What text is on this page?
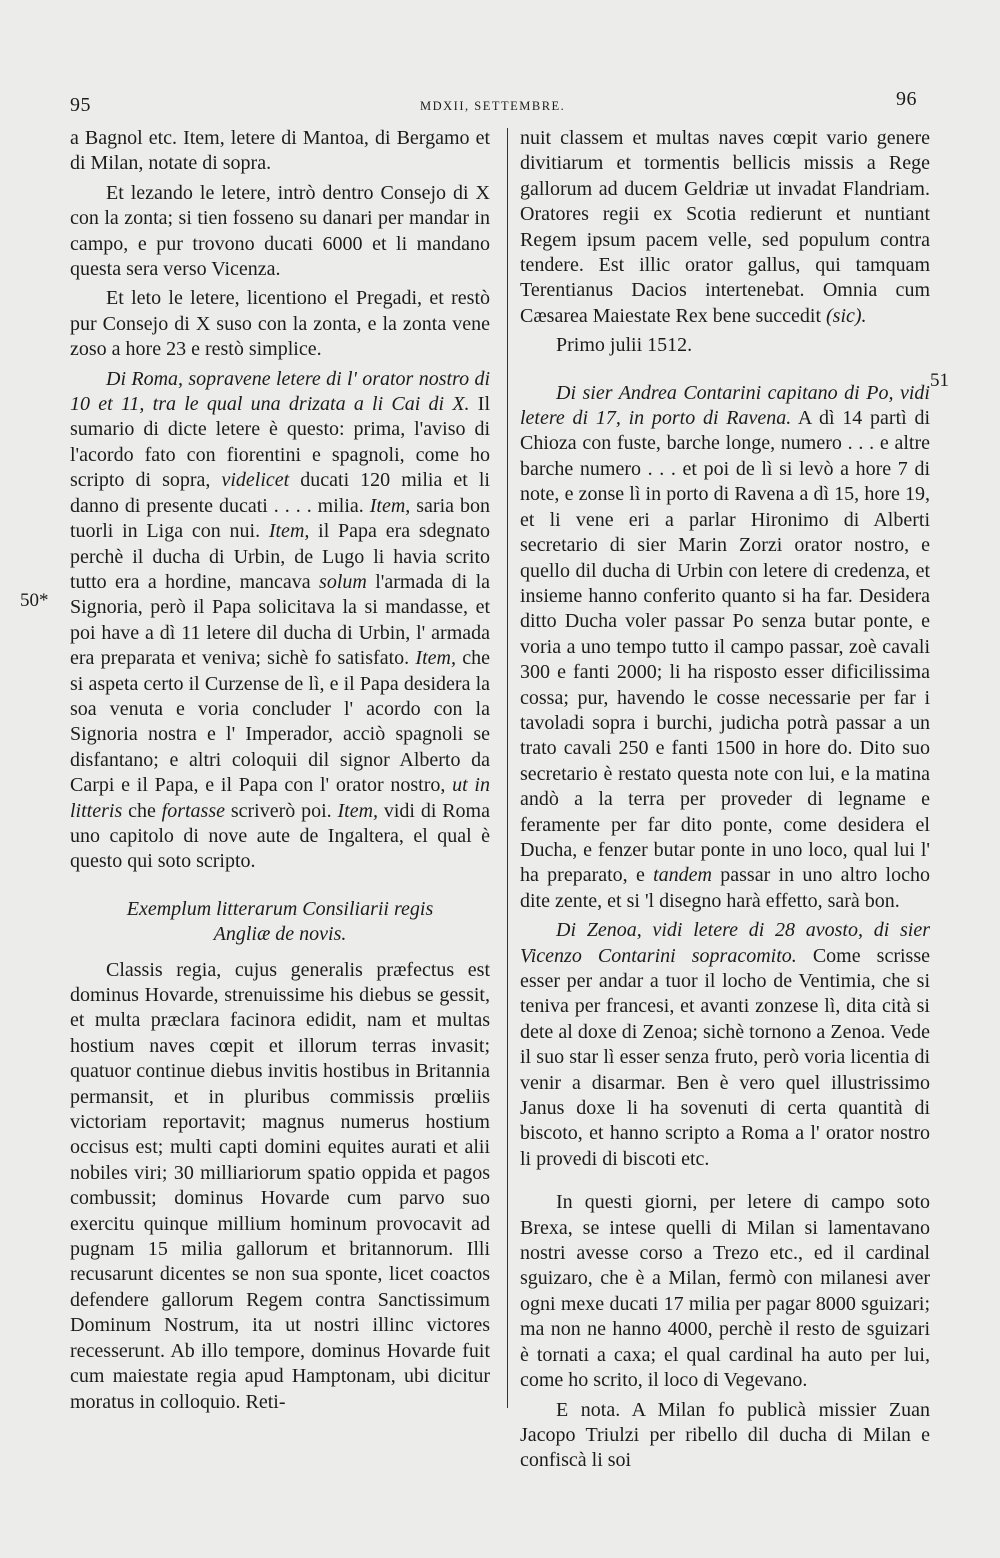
95	MDXII, SETTEMBRE.	96
50*
51

a Bagnol etc. Item, letere di Mantoa, di Bergamo et di Milan, notate di sopra.

Et lezando le letere, intrò dentro Consejo di X con la zonta; si tien fosseno su danari per mandar in campo, e pur trovono ducati 6000 et li mandano questa sera verso Vicenza.

Et leto le letere, licentiono el Pregadi, et restò pur Consejo di X suso con la zonta, e la zonta vene zoso a hore 23 e restò simplice.

Di Roma, sopravene letere di l' orator nostro di 10 et 11, tra le qual una drizata a li Cai di X. Il sumario di dicte letere è questo: prima, l'aviso di l'acordo fato con fiorentini e spagnoli, come ho scripto di sopra, videlicet ducati 120 milia et li danno di presente ducati . . . . milia. Item, saria bon tuorli in Liga con nui. Item, il Papa era sdegnato perchè il ducha di Urbin, de Lugo li havia scrito tutto era a hordine, mancava solum l'armada di la Signoria, però il Papa solicitava la si mandasse, et poi have a dì 11 letere dil ducha di Urbin, l' armada era preparata et veniva; sichè fo satisfato. Item, che si aspeta certo il Curzense de lì, e il Papa desidera la soa venuta e voria concluder l' acordo con la Signoria nostra e l' Imperador, acciò spagnoli se disfantano; e altri coloquii dil signor Alberto da Carpi e il Papa, e il Papa con l' orator nostro, ut in litteris che fortasse scriverò poi. Item, vidi di Roma uno capitolo di nove aute de Ingaltera, el qual è questo qui soto scripto.

Exemplum litterarum Consiliarii regis
Angliæ de novis.

Classis regia, cujus generalis præfectus est dominus Hovarde, strenuissime his diebus se gessit, et multa præclara facinora edidit, nam et multas hostium naves cœpit et illorum terras invasit; quatuor continue diebus invitis hostibus in Britannia permansit, et in pluribus commissis prœliis victoriam reportavit; magnus numerus hostium occisus est; multi capti domini equites aurati et alii nobiles viri; 30 milliariorum spatio oppida et pagos combussit; dominus Hovarde cum parvo suo exercitu quinque millium hominum provocavit ad pugnam 15 milia gallorum et britannorum. Illi recusarunt dicentes se non sua sponte, licet coactos defendere gallorum Regem contra Sanctissimum Dominum Nostrum, ita ut nostri illinc victores recesserunt. Ab illo tempore, dominus Hovarde fuit cum maiestate regia apud Hamptonam, ubi dicitur moratus in colloquio. Reti-

nuit classem et multas naves cœpit vario genere divitiarum et tormentis bellicis missis a Rege gallorum ad ducem Geldriæ ut invadat Flandriam. Oratores regii ex Scotia redierunt et nuntiant Regem ipsum pacem velle, sed populum contra tendere. Est illic orator gallus, qui tamquam Terentianus Dacios intertenebat. Omnia cum Cæsarea Maiestate Rex bene succedit (sic).

Primo julii 1512.

Di sier Andrea Contarini capitano di Po, vidi letere di 17, in porto di Ravena. A dì 14 partì di Chioza con fuste, barche longe, numero . . . e altre barche numero . . . et poi de lì si levò a hore 7 di note, e zonse lì in porto di Ravena a dì 15, hore 19, et li vene eri a parlar Hironimo di Alberti secretario di sier Marin Zorzi orator nostro, e quello dil ducha di Urbin con letere di credenza, et insieme hanno conferito quanto si ha far. Desidera ditto Ducha voler passar Po senza butar ponte, e voria a uno tempo tutto il campo passar, zoè cavali 300 e fanti 2000; li ha risposto esser dificilissima cossa; pur, havendo le cosse necessarie per far i tavoladi sopra i burchi, judicha potrà passar a un trato cavali 250 e fanti 1500 in hore do. Dito suo secretario è restato questa note con lui, e la matina andò a la terra per proveder di legname e feramente per far dito ponte, come desidera el Ducha, e fenzer butar ponte in uno loco, qual lui l' ha preparato, e tandem passar in uno altro locho dite zente, et si 'l disegno harà effetto, sarà bon.

Di Zenoa, vidi letere di 28 avosto, di sier Vicenzo Contarini sopracomito. Come scrisse esser per andar a tuor il locho de Ventimia, che si teniva per francesi, et avanti zonzese lì, dita cità si dete al doxe di Zenoa; sichè tornono a Zenoa. Vede il suo star lì esser senza fruto, però voria licentia di venir a disarmar. Ben è vero quel illustrissimo Janus doxe li ha sovenuti di certa quantità di biscoto, et hanno scripto a Roma a l' orator nostro li provedi di biscoti etc.

In questi giorni, per letere di campo soto Brexa, se intese quelli di Milan si lamentavano nostri avesse corso a Trezo etc., ed il cardinal sguizaro, che è a Milan, fermò con milanesi aver ogni mexe ducati 17 milia per pagar 8000 sguizari; ma non ne hanno 4000, perchè il resto de sguizari è tornati a caxa; el qual cardinal ha auto per lui, come ho scrito, il loco di Vegevano.

E nota. A Milan fo publicà missier Zuan Jacopo Triulzi per ribello dil ducha di Milan e confiscà li soi
